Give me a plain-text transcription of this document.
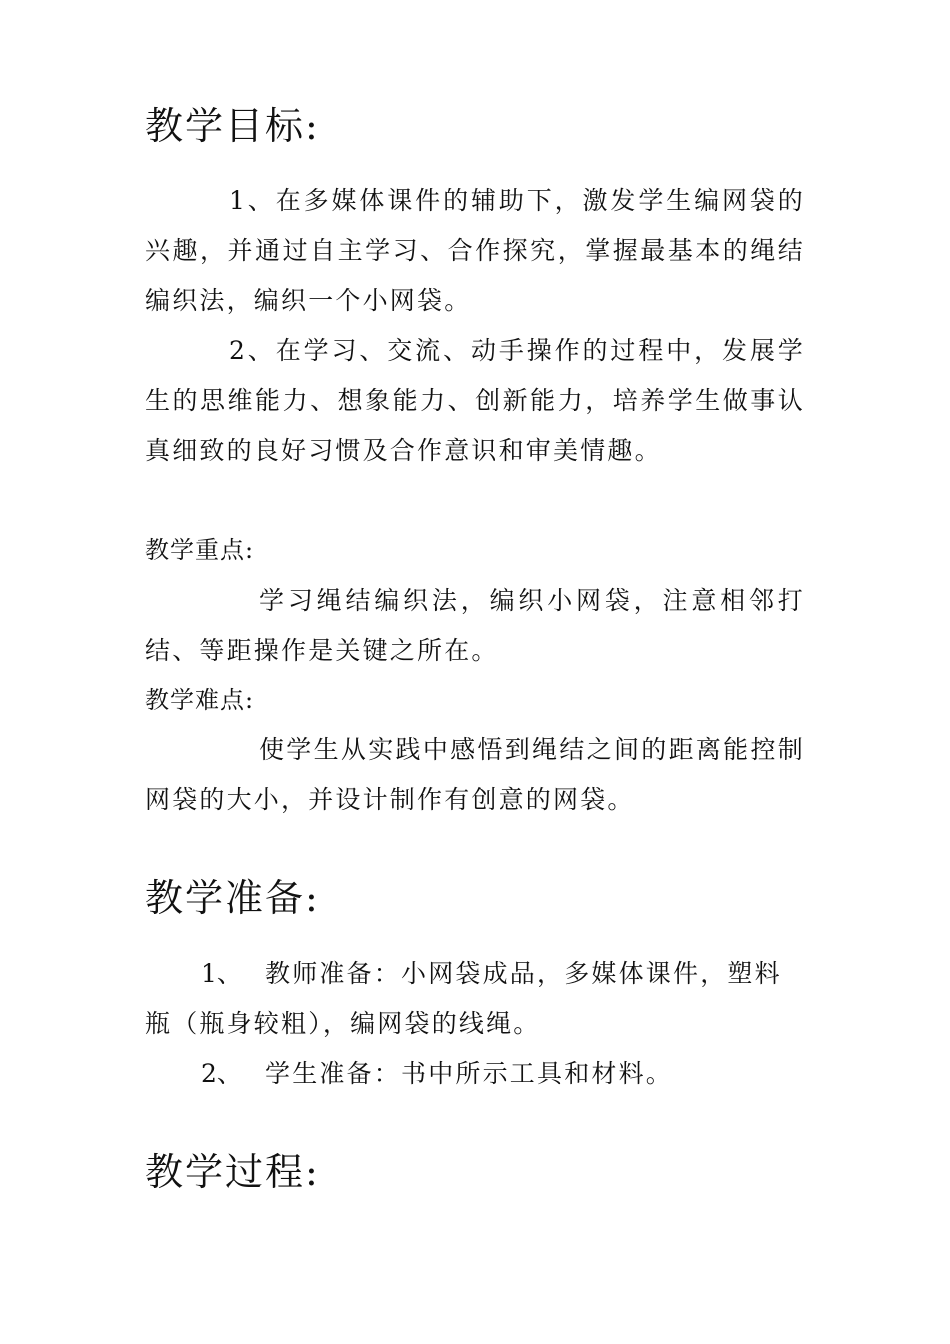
教学目标:

1、在多媒体课件的辅助下，激发学生编网袋的兴趣，并通过自主学习、合作探究，掌握最基本的绳结编织法，编织一个小网袋。

2、在学习、交流、动手操作的过程中，发展学生的思维能力、想象能力、创新能力，培养学生做事认真细致的良好习惯及合作意识和审美情趣。

教学重点:

学习绳结编织法，编织小网袋，注意相邻打结、等距操作是关键之所在。

教学难点:

使学生从实践中感悟到绳结之间的距离能控制网袋的大小，并设计制作有创意的网袋。

教学准备:

1、 教师准备：小网袋成品，多媒体课件，塑料瓶（瓶身较粗），编网袋的线绳。

2、 学生准备：书中所示工具和材料。

教学过程:
